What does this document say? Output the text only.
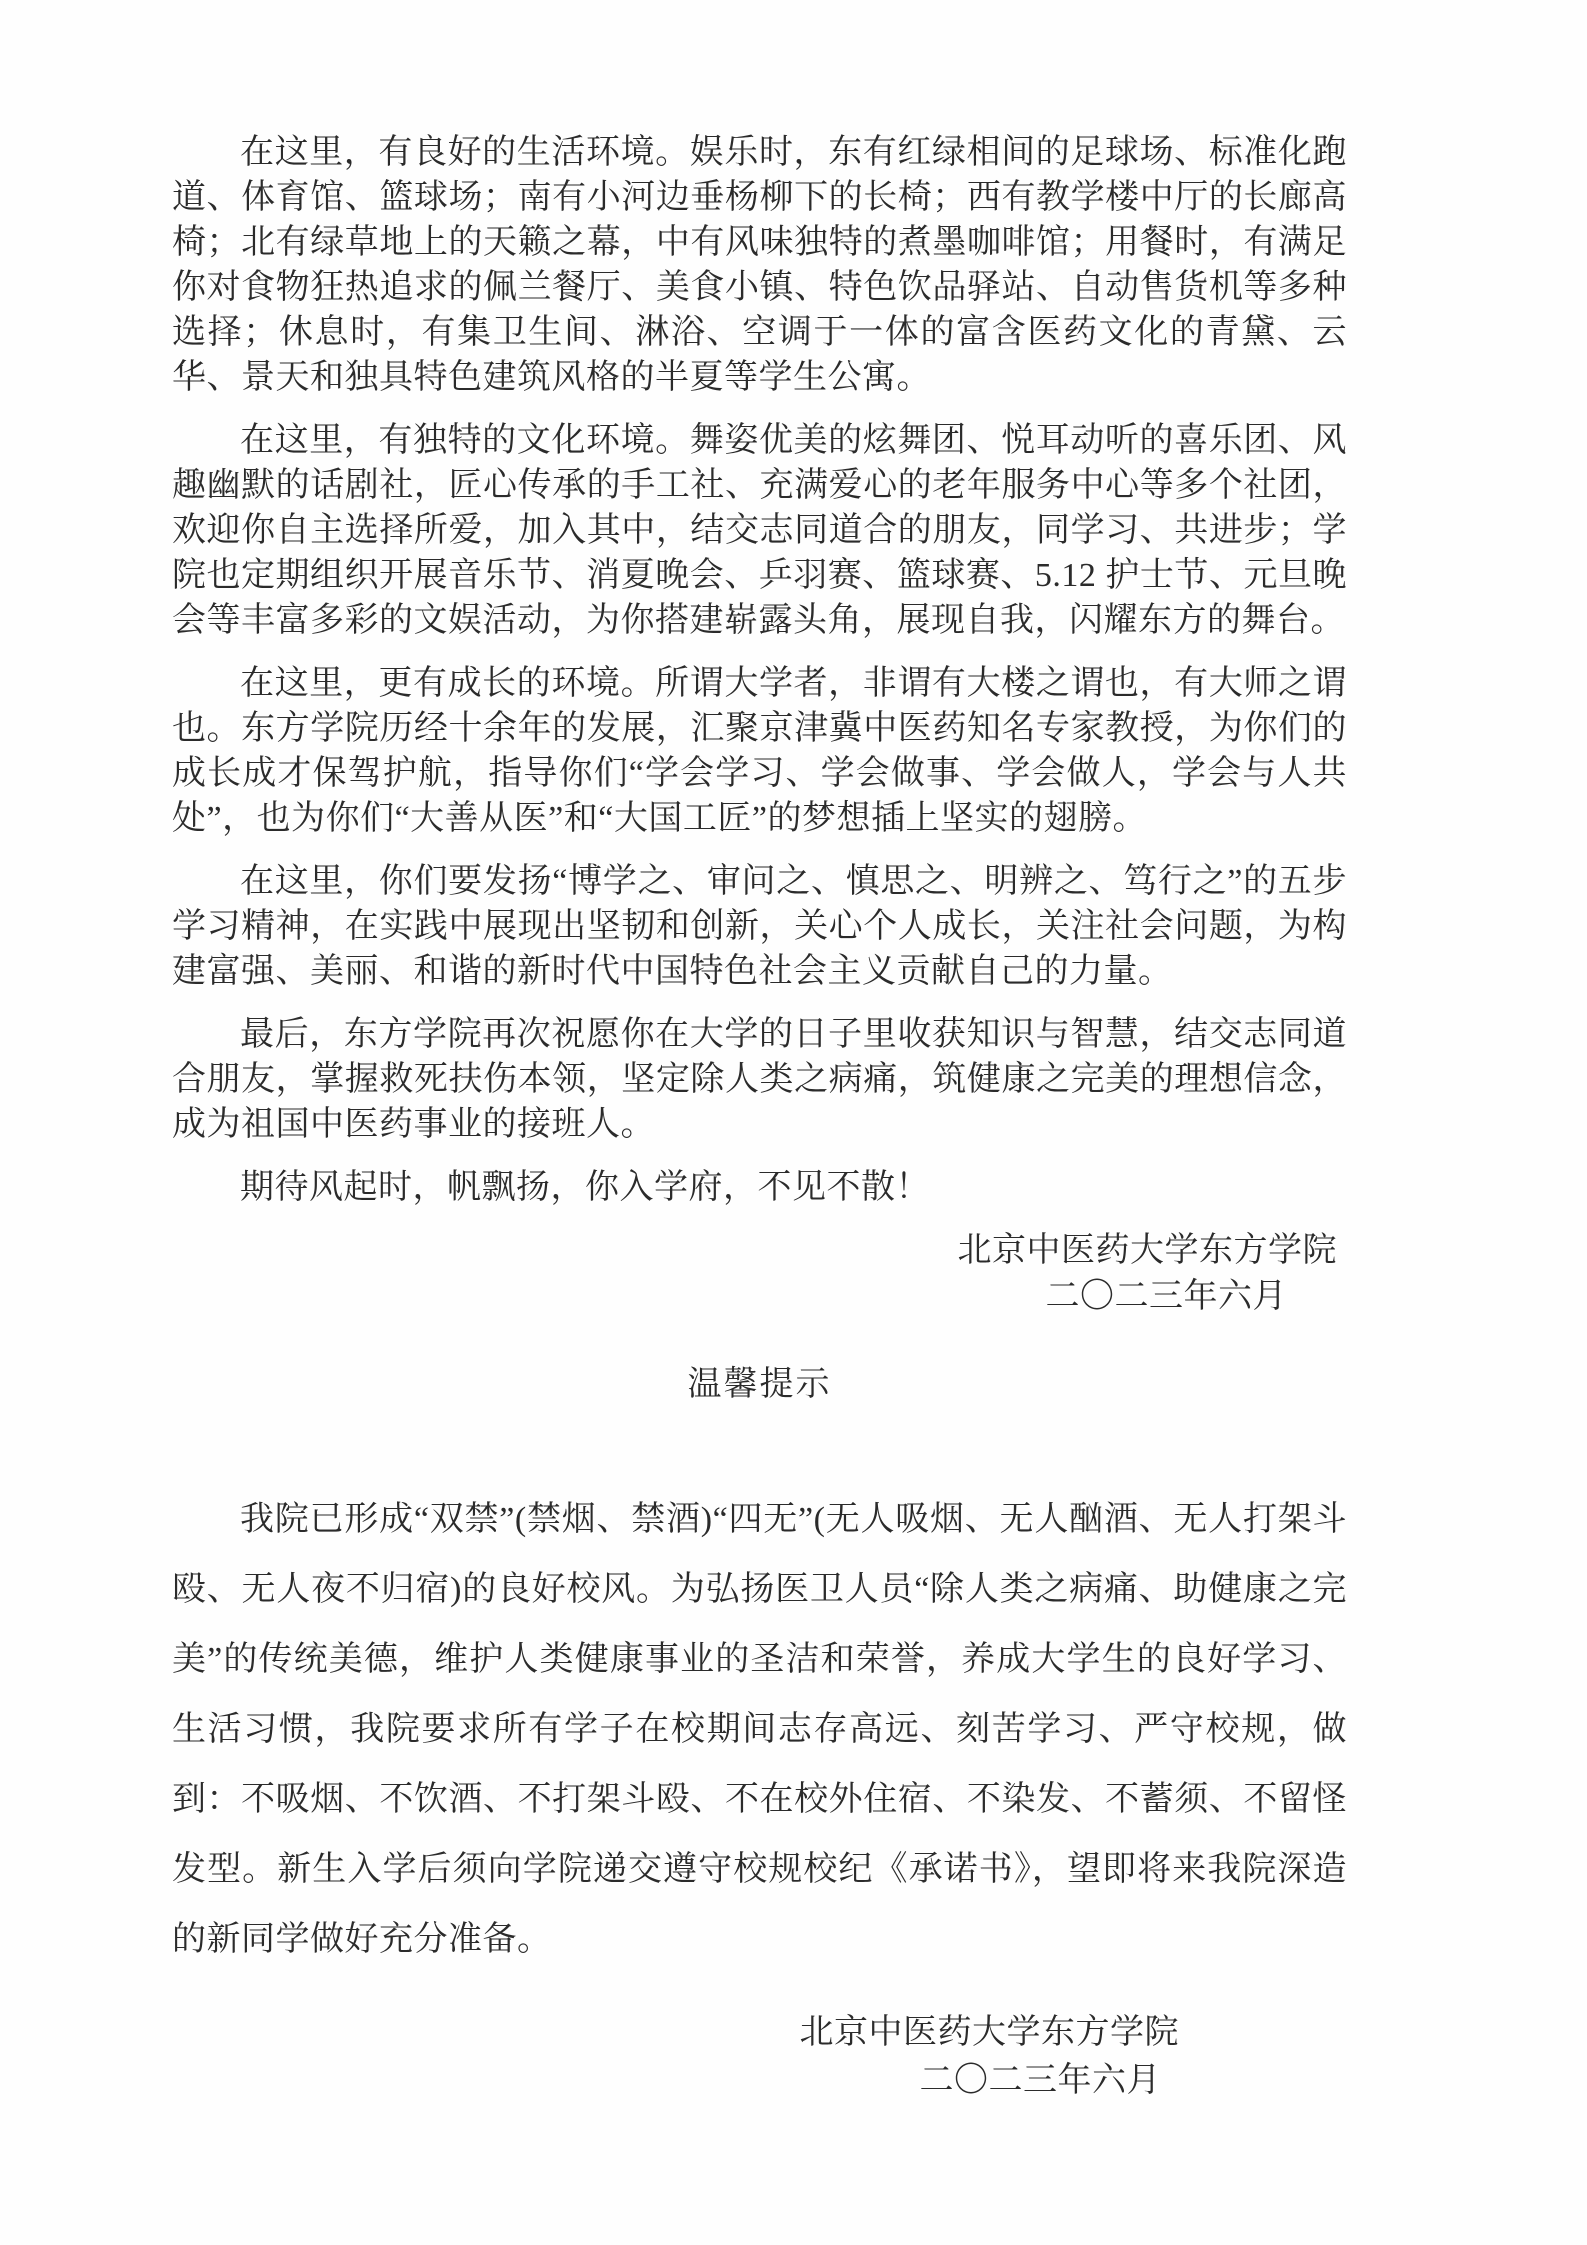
在这里，有良好的生活环境。娱乐时，东有红绿相间的足球场、标准化跑道、体育馆、篮球场；南有小河边垂杨柳下的长椅；西有教学楼中厅的长廊高椅；北有绿草地上的天籁之幕，中有风味独特的煮墨咖啡馆；用餐时，有满足你对食物狂热追求的佩兰餐厅、美食小镇、特色饮品驿站、自动售货机等多种选择；休息时，有集卫生间、淋浴、空调于一体的富含医药文化的青黛、云华、景天和独具特色建筑风格的半夏等学生公寓。

在这里，有独特的文化环境。舞姿优美的炫舞团、悦耳动听的喜乐团、风趣幽默的话剧社，匠心传承的手工社、充满爱心的老年服务中心等多个社团，欢迎你自主选择所爱，加入其中，结交志同道合的朋友，同学习、共进步；学院也定期组织开展音乐节、消夏晚会、乒羽赛、篮球赛、5.12 护士节、元旦晚会等丰富多彩的文娱活动，为你搭建崭露头角，展现自我，闪耀东方的舞台。

在这里，更有成长的环境。所谓大学者，非谓有大楼之谓也，有大师之谓也。东方学院历经十余年的发展，汇聚京津冀中医药知名专家教授，为你们的成长成才保驾护航，指导你们“学会学习、学会做事、学会做人，学会与人共处”，也为你们“大善从医”和“大国工匠”的梦想插上坚实的翅膀。

在这里，你们要发扬“博学之、审问之、慎思之、明辨之、笃行之”的五步学习精神，在实践中展现出坚韧和创新，关心个人成长，关注社会问题，为构建富强、美丽、和谐的新时代中国特色社会主义贡献自己的力量。

最后，东方学院再次祝愿你在大学的日子里收获知识与智慧，结交志同道合朋友，掌握救死扶伤本领，坚定除人类之病痛，筑健康之完美的理想信念，成为祖国中医药事业的接班人。

期待风起时，帆飘扬，你入学府，不见不散！

北京中医药大学东方学院
二〇二三年六月
温馨提示

我院已形成“双禁”(禁烟、禁酒)“四无”(无人吸烟、无人酗酒、无人打架斗殴、无人夜不归宿)的良好校风。为弘扬医卫人员“除人类之病痛、助健康之完美”的传统美德，维护人类健康事业的圣洁和荣誉，养成大学生的良好学习、生活习惯，我院要求所有学子在校期间志存高远、刻苦学习、严守校规，做到：不吸烟、不饮酒、不打架斗殴、不在校外住宿、不染发、不蓄须、不留怪发型。新生入学后须向学院递交遵守校规校纪《承诺书》，望即将来我院深造的新同学做好充分准备。

北京中医药大学东方学院
二〇二三年六月
